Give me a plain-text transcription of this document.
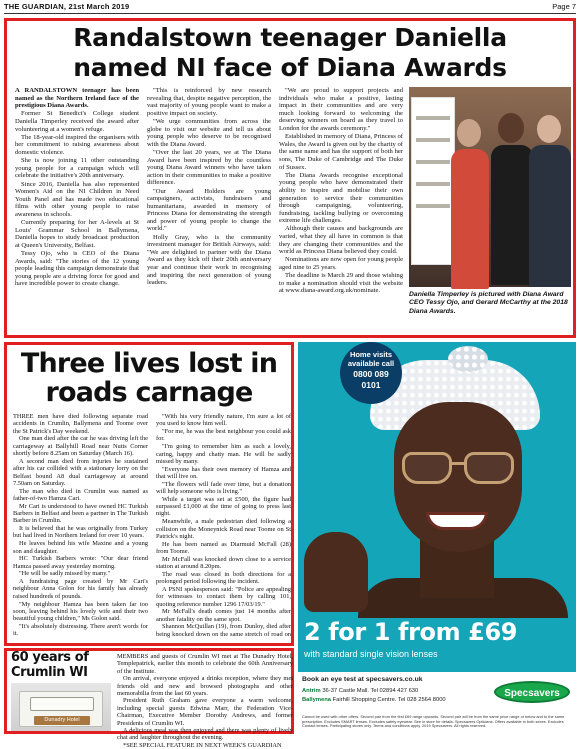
THE GUARDIAN, 21st March 2019	Page 7
Randalstown teenager Daniella
named NI face of Diana Awards

A RANDALSTOWN teenager has been named as the Northern Ireland face of the prestigious Diana Awards.

Former St Benedict's College student Daniella Timperley received the award after volunteering at a women's refuge.

The 18-year-old inspired the organisers with her commitment to raising awareness about domestic violence.

She is now joining 11 other outstanding young people for a campaign which will celebrate the initiative's 20th anniversary.

Since 2016, Daniella has also represented Women's Aid on the NI Children in Need Youth Panel and has made two educational films with other young people to raise awareness in schools.

Currently preparing for her A-levels at St Louis' Grammar School in Ballymena, Daniella hopes to study broadcast production at Queen's University, Belfast.

Tessy Ojo, who is CEO of the Diana Awards, said: "The stories of the 12 young people leading this campaign demonstrate that young people are a driving force for good and have incredible power to create change.

"This is reinforced by new research revealing that, despite negative perception, the vast majority of young people want to make a positive impact on society.

"We urge communities from across the globe to visit our website and tell us about young people who deserve to be recognised with the Diana Award.

"Over the last 20 years, we at The Diana Award have been inspired by the countless young Diana Award winners who have taken action in their communities to make a positive difference.

"Our Award Holders are young campaigners, activists, fundraisers and humanitarians, awarded in memory of Princess Diana for demonstrating the strength and power of young people to change the world."

Holly Gray, who is the community investment manager for British Airways, said: "We are delighted to partner with the Diana Award as they kick off their 20th anniversary year and continue their work in recognising and inspiring the next generation of young leaders.

"We are proud to support projects and individuals who make a positive, lasting impact in their communities and are very much looking forward to welcoming the deserving winners on board as they travel to London for the awards ceremony."

Established in memory of Diana, Princess of Wales, the Award is given out by the charity of the same name and has the support of both her sons, The Duke of Cambridge and The Duke of Sussex.

The Diana Awards recognise exceptional young people who have demonstrated their ability to inspire and mobilise their own generation to service their communities through campaigning, volunteering, fundraising, tackling bullying or overcoming extreme life challenges.

Although their causes and backgrounds are varied, what they all have in common is that they are changing their communities and the world as Princess Diana believed they could.

Nominations are now open for young people aged nine to 25 years.

The deadline is March 29 and those wishing to make a nomination should visit the website at www.diana-award.org.uk/nominate.

Daniella Timperley is pictured with Diana Award CEO Tessy Ojo, and Gerard McCarthy at the 2018 Diana Awards.
Three lives lost in
roads carnage

THREE men have died following separate road accidents in Crumlin, Ballymena and Toome over the St Patrick's Day weekend.

One man died after the car he was driving left the carriageway at Ballyhill Road near Nutts Corner shortly before 8.25am on Saturday (March 16).

A second man died from injuries he sustained after his car collided with a stationary lorry on the Belfast bound A8 dual carriageway at around 7.50am on Saturday.

The man who died in Crumlin was named as father-of-two Hamza Cari.

Mr Cari is understood to have owned HC Turkish Barbers in Belfast and been a partner in The Turkish Barber in Crumlin.

It is believed that he was originally from Turkey but had lived in Northern Ireland for over 10 years.

He leaves behind his wife Maxine and a young son and daughter.

HC Turkish Barbers wrote: "Our dear friend Hamza passed away yesterday morning.

"He will be sadly missed by many."

A fundraising page created by Mr Cari's neighbour Anna Golon for his family has already raised hundreds of pounds.

"My neighbour Hamza has been taken far too soon, leaving behind his lovely wife and their two beautiful young children," Ms Golon said.

"It's absolutely distressing. There aren't words for it.

"With his very friendly nature, I'm sure a lot of you used to know him well.

"For me, he was the best neighbour you could ask for.

"I'm going to remember him as such a lovely, caring, happy and chatty man. He will be sadly missed by many.

"Everyone has their own memory of Hamza and that will live on.

"The flowers will fade over time, but a donation will help someone who is living."

While a target was set at £500, the figure had surpassed £1,000 at the time of going to press last night.

Meanwhile, a male pedestrian died following a collision on the Moneynick Road near Toome on St Patrick's night.

He has been named as Diarmuid McFall (28) from Toome.

Mr McFall was knocked down close to a service station at around 8.20pm.

The road was closed in both directions for a prolonged period following the incident.

A PSNI spokesperson said: "Police are appealing for witnesses to contact them by calling 101, quoting reference number 1296 17/03/19."

Mr McFall's death comes just 14 months after another fatality on the same spot.

Shannon McQuillan (19), from Dunloy, died after being knocked down on the same stretch of road on

60 years of
Crumlin WI
Dunadry Hotel

MEMBERS and guests of Crumlin WI met at The Dunadry Hotel, Templepatrick, earlier this month to celebrate the 60th Anniversary of the Institute.

On arrival, everyone enjoyed a drinks reception, where they met friends old and new and browsed photographs and other memorabilia from the last 60 years.

President Ruth Graham gave everyone a warm welcome, including special guests Edwina Marr, the Federation Vice-Chairman, Executive Member Dorothy Andrews, and former Presidents of Crumlin WI.

A delicious meal was then enjoyed and there was plenty of lively chat and laughter throughout the evening.

*SEE SPECIAL FEATURE IN NEXT WEEK'S GUARDIAN

Home visits
available call
0800 089
0101
2 for 1 from £69
with standard single vision lenses
Book an eye test at specsavers.co.uk
Antrim 36-37 Castle Mall. Tel 02894 427 630
Ballymena Fairhill Shopping Centre. Tel 028 2564 8000
Specsavers
Cannot be used with other offers. Second pair from the first £69 range upwards. Second pair will be from the same price range or below and to the same prescription. Excludes SMART lenses. Excludes safety eyewear. See in store for details. Specsavers Opticians. Offers available in both sexes. Excludes Contact lenses. Participating stores only. Terms and conditions apply. 2019 Specsavers. All rights reserved.
